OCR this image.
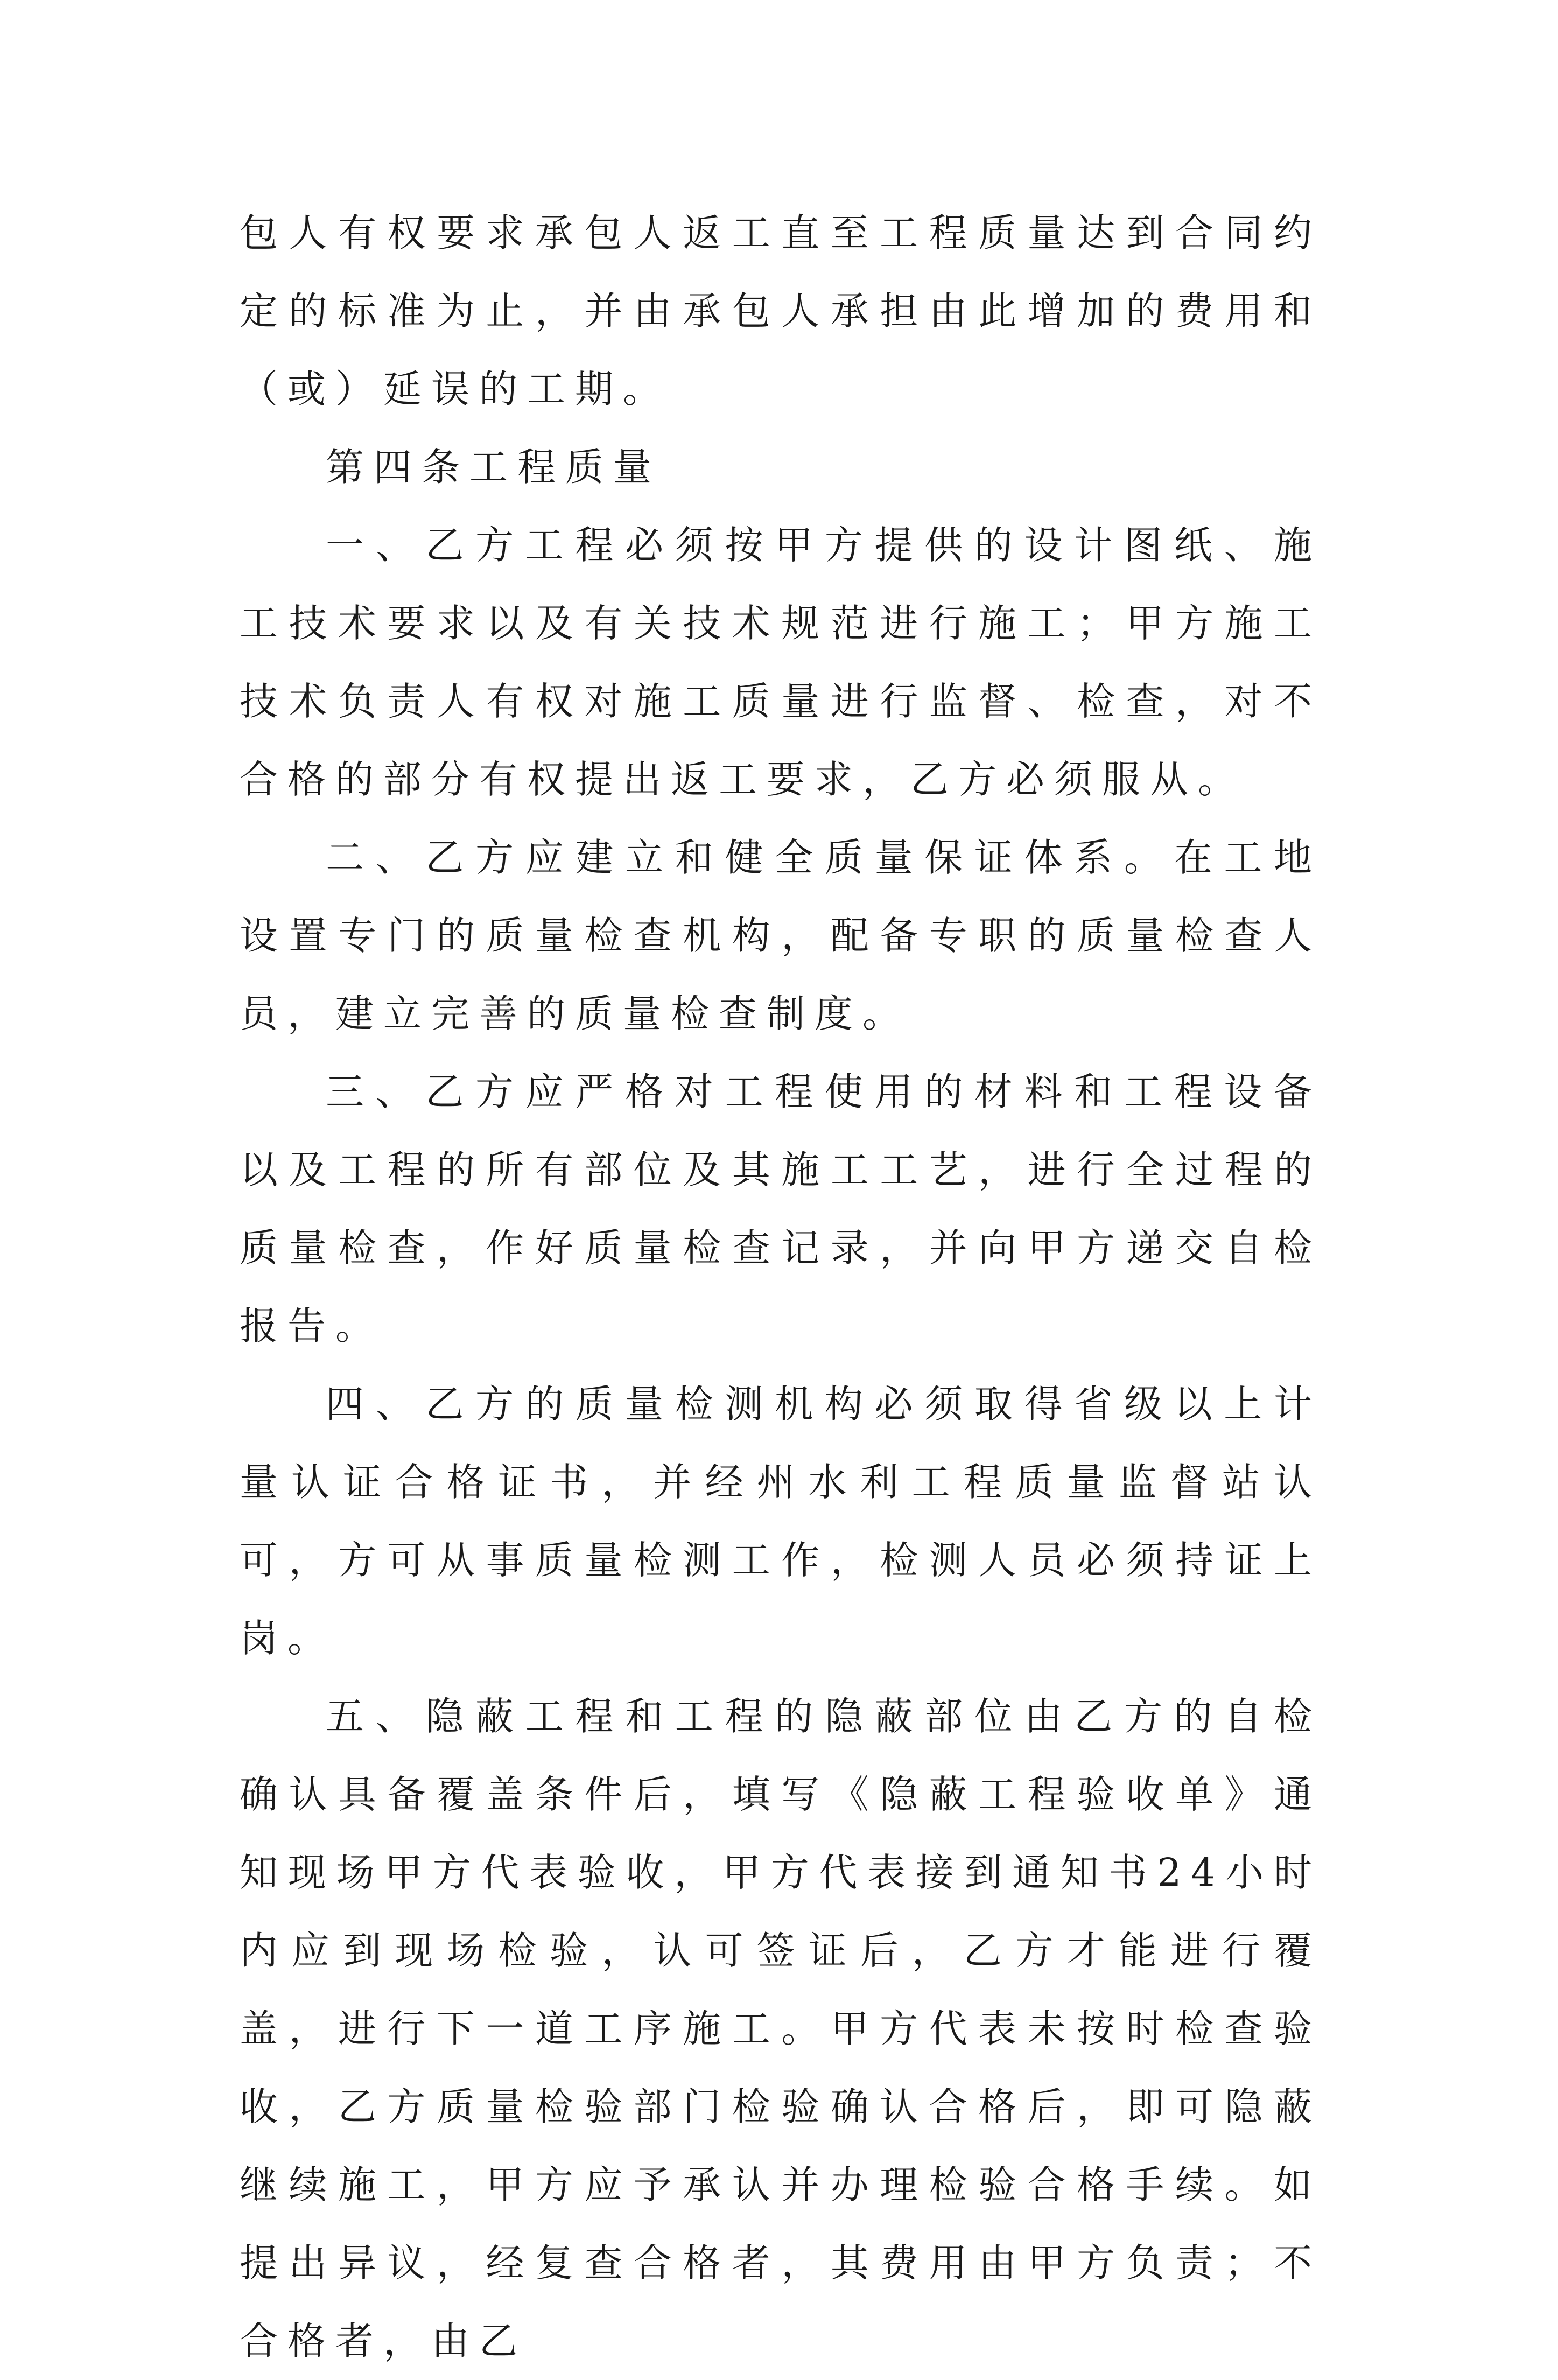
包人有权要求承包人返工直至工程质量达到合同约定的标准为止，并由承包人承担由此增加的费用和（或）延误的工期。

第四条工程质量

一、乙方工程必须按甲方提供的设计图纸、施工技术要求以及有关技术规范进行施工；甲方施工技术负责人有权对施工质量进行监督、检查，对不合格的部分有权提出返工要求，乙方必须服从。

二、乙方应建立和健全质量保证体系。在工地设置专门的质量检查机构，配备专职的质量检查人员，建立完善的质量检查制度。

三、乙方应严格对工程使用的材料和工程设备以及工程的所有部位及其施工工艺，进行全过程的质量检查，作好质量检查记录，并向甲方递交自检报告。

四、乙方的质量检测机构必须取得省级以上计量认证合格证书，并经州水利工程质量监督站认可，方可从事质量检测工作，检测人员必须持证上岗。

五、隐蔽工程和工程的隐蔽部位由乙方的自检确认具备覆盖条件后，填写《隐蔽工程验收单》通知现场甲方代表验收，甲方代表接到通知书24小时内应到现场检验，认可签证后，乙方才能进行覆盖，进行下一道工序施工。甲方代表未按时检查验收，乙方质量检验部门检验确认合格后，即可隐蔽继续施工，甲方应予承认并办理检验合格手续。如提出异议，经复查合格者，其费用由甲方负责；不合格者，由乙
